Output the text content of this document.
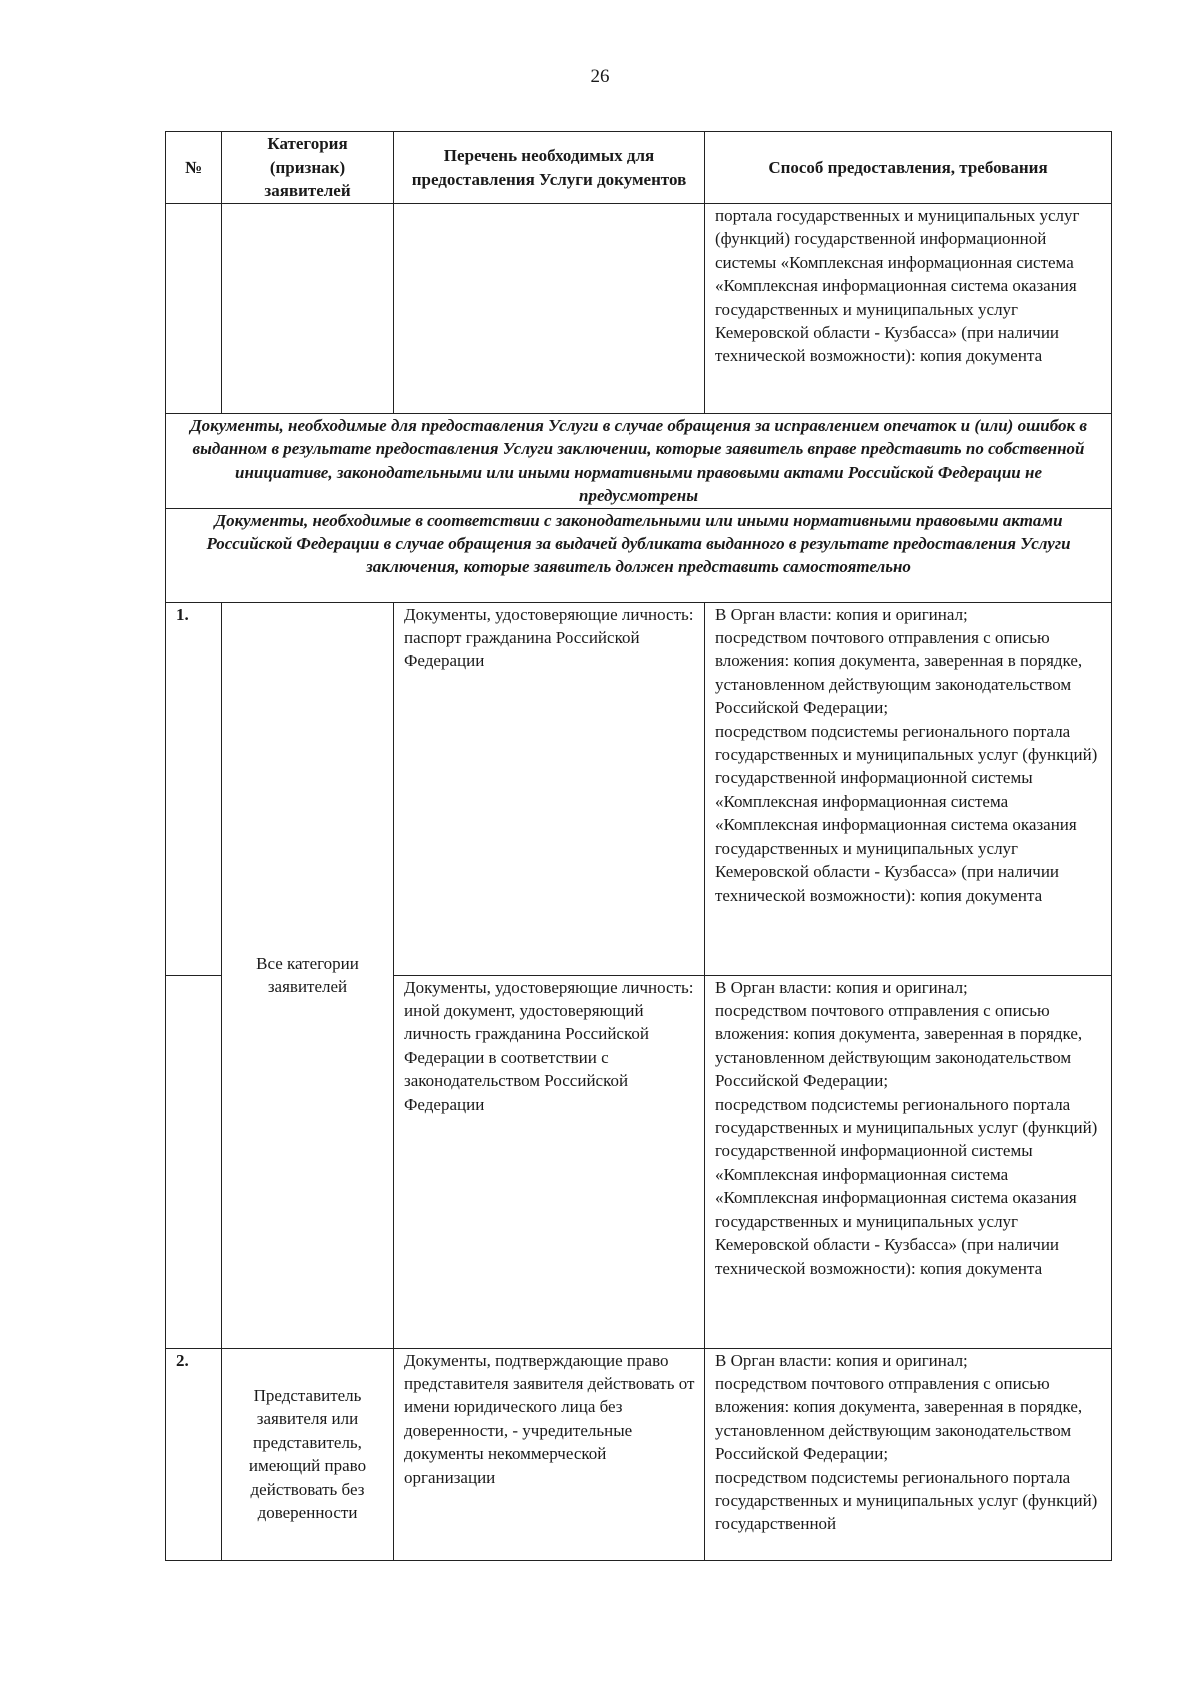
26
№	Категория
(признак)
заявителей	Перечень необходимых для предоставления Услуги документов	Способ предоставления, требования
			портала государственных и муниципальных услуг (функций) государственной информационной системы «Комплексная информационная система «Комплексная информационная система оказания государственных и муниципальных услуг Кемеровской области - Кузбасса» (при наличии технической возможности): копия документа
Документы, необходимые для предоставления Услуги в случае обращения за исправлением опечаток и (или) ошибок в выданном в результате предоставления Услуги заключении, которые заявитель вправе представить по собственной инициативе, законодательными или иными нормативными правовыми актами Российской Федерации не предусмотрены			
Документы, необходимые в соответствии с законодательными или иными нормативными правовыми актами Российской Федерации в случае обращения за выдачей дубликата выданного в результате предоставления Услуги заключения, которые заявитель должен представить самостоятельно			
1.	Все категории заявителей	Документы, удостоверяющие личность: паспорт гражданина Российской Федерации	В Орган власти: копия и оригинал;
посредством почтового отправления с описью вложения: копия документа, заверенная в порядке, установленном действующим законодательством Российской Федерации;
посредством подсистемы регионального портала государственных и муниципальных услуг (функций) государственной информационной системы «Комплексная информационная система «Комплексная информационная система оказания государственных и муниципальных услуг Кемеровской области - Кузбасса» (при наличии технической возможности): копия документа
		Документы, удостоверяющие личность: иной документ, удостоверяющий личность гражданина Российской Федерации в соответствии с законодательством Российской Федерации	В Орган власти: копия и оригинал;
посредством почтового отправления с описью вложения: копия документа, заверенная в порядке, установленном действующим законодательством Российской Федерации;
посредством подсистемы регионального портала государственных и муниципальных услуг (функций) государственной информационной системы «Комплексная информационная система «Комплексная информационная система оказания государственных и муниципальных услуг Кемеровской области - Кузбасса» (при наличии технической возможности): копия документа
2.	Представитель заявителя или представитель, имеющий право действовать без доверенности	Документы, подтверждающие право представителя заявителя действовать от имени юридического лица без доверенности, - учредительные документы некоммерческой организации	В Орган власти: копия и оригинал;
посредством почтового отправления с описью вложения: копия документа, заверенная в порядке, установленном действующим законодательством Российской Федерации;
посредством подсистемы регионального портала государственных и муниципальных услуг (функций) государственной
